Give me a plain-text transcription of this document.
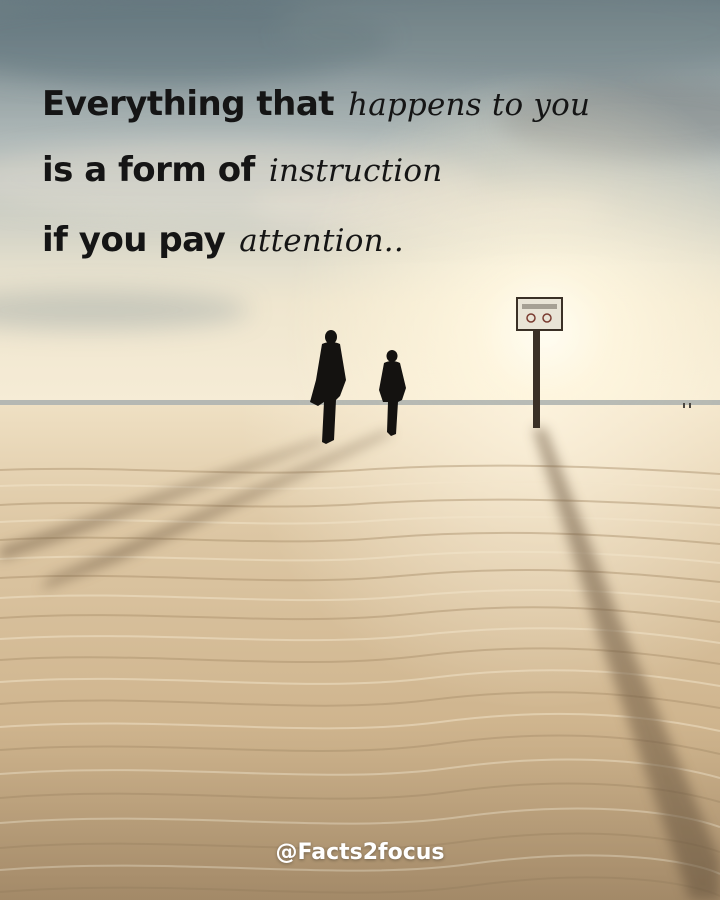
Everything that happens to you
is a form of instruction
if you pay attention..
@Facts2focus
